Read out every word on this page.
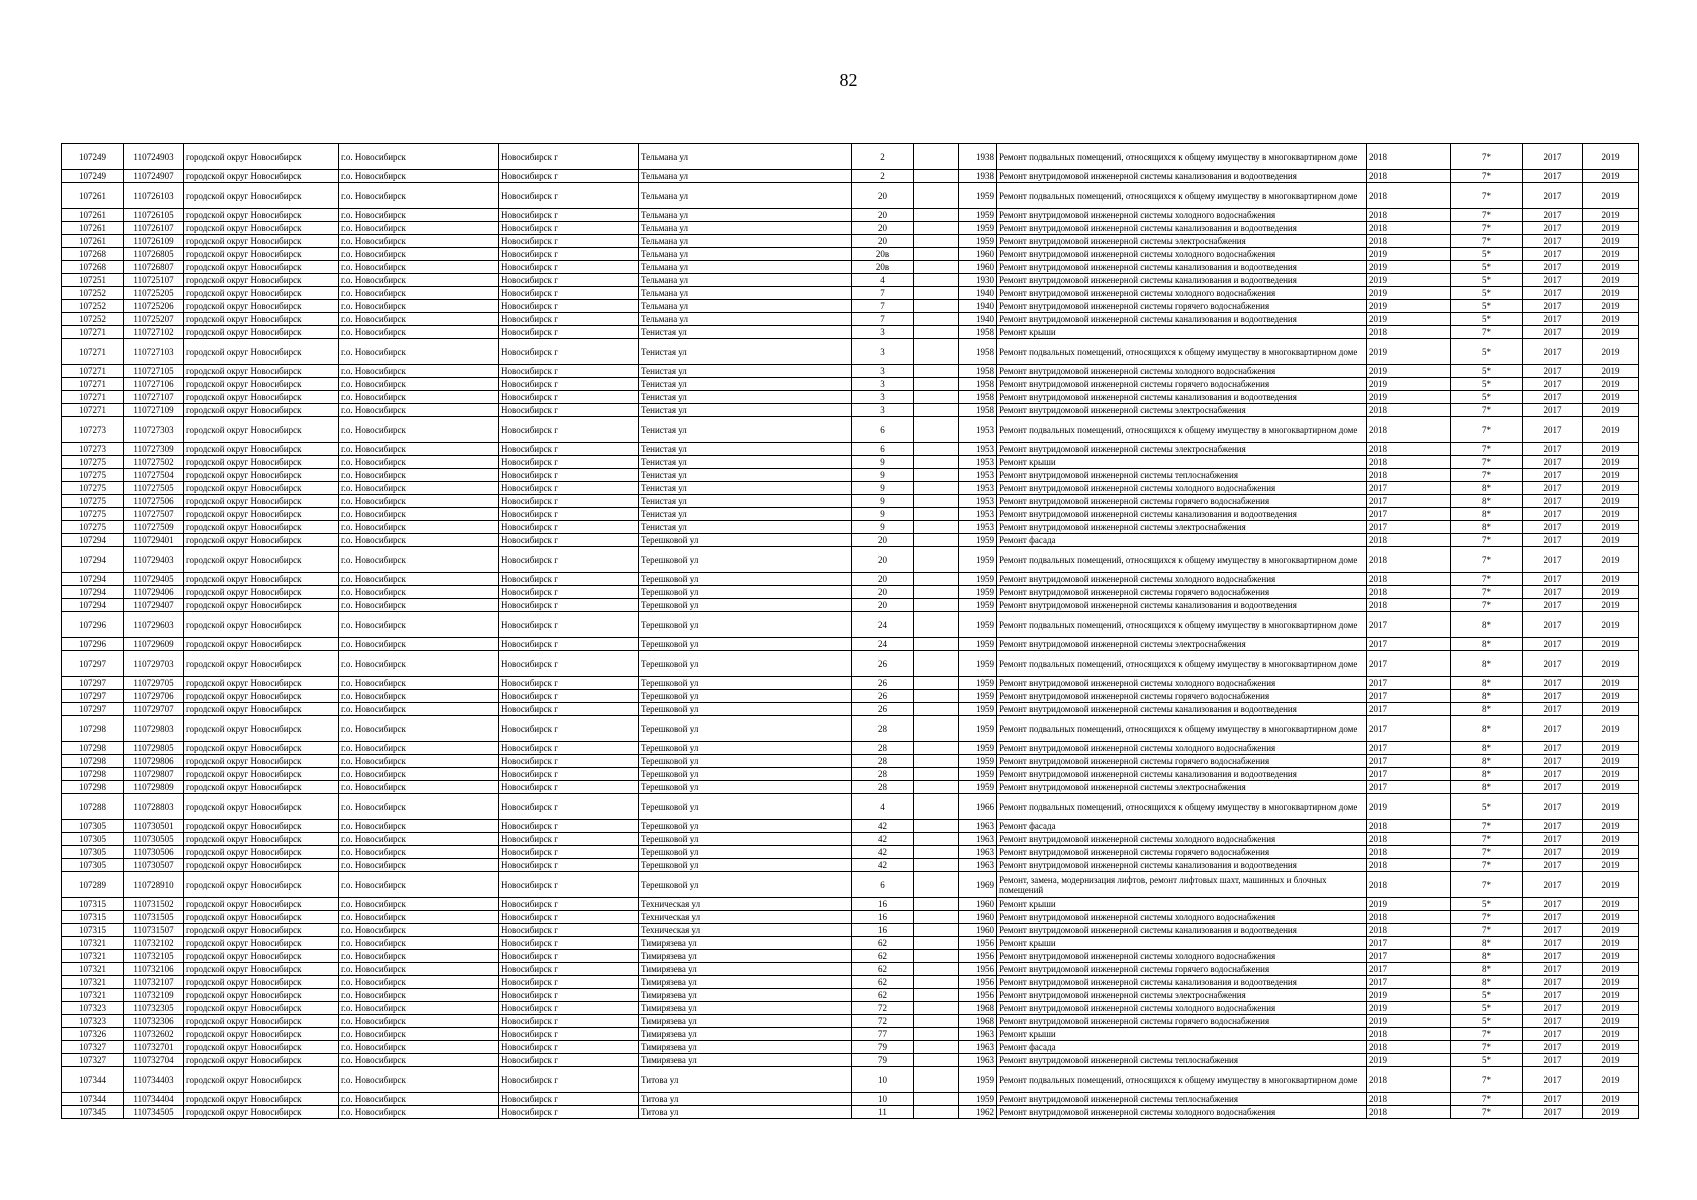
82
107249	110724903	городской округ Новосибирск	г.о. Новосибирск	Новосибирск г	Тельмана ул	2		1938	Ремонт подвальных помещений, относящихся к общему имуществу в многоквартирном доме	2018	7*	2017	2019
107249	110724907	городской округ Новосибирск	г.о. Новосибирск	Новосибирск г	Тельмана ул	2		1938	Ремонт внутридомовой инженерной системы канализования и водоотведения	2018	7*	2017	2019
107261	110726103	городской округ Новосибирск	г.о. Новосибирск	Новосибирск г	Тельмана ул	20		1959	Ремонт подвальных помещений, относящихся к общему имуществу в многоквартирном доме	2018	7*	2017	2019
107261	110726105	городской округ Новосибирск	г.о. Новосибирск	Новосибирск г	Тельмана ул	20		1959	Ремонт внутридомовой инженерной системы холодного водоснабжения	2018	7*	2017	2019
107261	110726107	городской округ Новосибирск	г.о. Новосибирск	Новосибирск г	Тельмана ул	20		1959	Ремонт внутридомовой инженерной системы канализования и водоотведения	2018	7*	2017	2019
107261	110726109	городской округ Новосибирск	г.о. Новосибирск	Новосибирск г	Тельмана ул	20		1959	Ремонт внутридомовой инженерной системы электроснабжения	2018	7*	2017	2019
107268	110726805	городской округ Новосибирск	г.о. Новосибирск	Новосибирск г	Тельмана ул	20в		1960	Ремонт внутридомовой инженерной системы холодного водоснабжения	2019	5*	2017	2019
107268	110726807	городской округ Новосибирск	г.о. Новосибирск	Новосибирск г	Тельмана ул	20в		1960	Ремонт внутридомовой инженерной системы канализования и водоотведения	2019	5*	2017	2019
107251	110725107	городской округ Новосибирск	г.о. Новосибирск	Новосибирск г	Тельмана ул	4		1930	Ремонт внутридомовой инженерной системы канализования и водоотведения	2019	5*	2017	2019
107252	110725205	городской округ Новосибирск	г.о. Новосибирск	Новосибирск г	Тельмана ул	7		1940	Ремонт внутридомовой инженерной системы холодного водоснабжения	2019	5*	2017	2019
107252	110725206	городской округ Новосибирск	г.о. Новосибирск	Новосибирск г	Тельмана ул	7		1940	Ремонт внутридомовой инженерной системы горячего водоснабжения	2019	5*	2017	2019
107252	110725207	городской округ Новосибирск	г.о. Новосибирск	Новосибирск г	Тельмана ул	7		1940	Ремонт внутридомовой инженерной системы канализования и водоотведения	2019	5*	2017	2019
107271	110727102	городской округ Новосибирск	г.о. Новосибирск	Новосибирск г	Тенистая ул	3		1958	Ремонт крыши	2018	7*	2017	2019
107271	110727103	городской округ Новосибирск	г.о. Новосибирск	Новосибирск г	Тенистая ул	3		1958	Ремонт подвальных помещений, относящихся к общему имуществу в многоквартирном доме	2019	5*	2017	2019
107271	110727105	городской округ Новосибирск	г.о. Новосибирск	Новосибирск г	Тенистая ул	3		1958	Ремонт внутридомовой инженерной системы холодного водоснабжения	2019	5*	2017	2019
107271	110727106	городской округ Новосибирск	г.о. Новосибирск	Новосибирск г	Тенистая ул	3		1958	Ремонт внутридомовой инженерной системы горячего водоснабжения	2019	5*	2017	2019
107271	110727107	городской округ Новосибирск	г.о. Новосибирск	Новосибирск г	Тенистая ул	3		1958	Ремонт внутридомовой инженерной системы канализования и водоотведения	2019	5*	2017	2019
107271	110727109	городской округ Новосибирск	г.о. Новосибирск	Новосибирск г	Тенистая ул	3		1958	Ремонт внутридомовой инженерной системы электроснабжения	2018	7*	2017	2019
107273	110727303	городской округ Новосибирск	г.о. Новосибирск	Новосибирск г	Тенистая ул	6		1953	Ремонт подвальных помещений, относящихся к общему имуществу в многоквартирном доме	2018	7*	2017	2019
107273	110727309	городской округ Новосибирск	г.о. Новосибирск	Новосибирск г	Тенистая ул	6		1953	Ремонт внутридомовой инженерной системы электроснабжения	2018	7*	2017	2019
107275	110727502	городской округ Новосибирск	г.о. Новосибирск	Новосибирск г	Тенистая ул	9		1953	Ремонт крыши	2018	7*	2017	2019
107275	110727504	городской округ Новосибирск	г.о. Новосибирск	Новосибирск г	Тенистая ул	9		1953	Ремонт внутридомовой инженерной системы теплоснабжения	2018	7*	2017	2019
107275	110727505	городской округ Новосибирск	г.о. Новосибирск	Новосибирск г	Тенистая ул	9		1953	Ремонт внутридомовой инженерной системы холодного водоснабжения	2017	8*	2017	2019
107275	110727506	городской округ Новосибирск	г.о. Новосибирск	Новосибирск г	Тенистая ул	9		1953	Ремонт внутридомовой инженерной системы горячего водоснабжения	2017	8*	2017	2019
107275	110727507	городской округ Новосибирск	г.о. Новосибирск	Новосибирск г	Тенистая ул	9		1953	Ремонт внутридомовой инженерной системы канализования и водоотведения	2017	8*	2017	2019
107275	110727509	городской округ Новосибирск	г.о. Новосибирск	Новосибирск г	Тенистая ул	9		1953	Ремонт внутридомовой инженерной системы электроснабжения	2017	8*	2017	2019
107294	110729401	городской округ Новосибирск	г.о. Новосибирск	Новосибирск г	Терешковой ул	20		1959	Ремонт фасада	2018	7*	2017	2019
107294	110729403	городской округ Новосибирск	г.о. Новосибирск	Новосибирск г	Терешковой ул	20		1959	Ремонт подвальных помещений, относящихся к общему имуществу в многоквартирном доме	2018	7*	2017	2019
107294	110729405	городской округ Новосибирск	г.о. Новосибирск	Новосибирск г	Терешковой ул	20		1959	Ремонт внутридомовой инженерной системы холодного водоснабжения	2018	7*	2017	2019
107294	110729406	городской округ Новосибирск	г.о. Новосибирск	Новосибирск г	Терешковой ул	20		1959	Ремонт внутридомовой инженерной системы горячего водоснабжения	2018	7*	2017	2019
107294	110729407	городской округ Новосибирск	г.о. Новосибирск	Новосибирск г	Терешковой ул	20		1959	Ремонт внутридомовой инженерной системы канализования и водоотведения	2018	7*	2017	2019
107296	110729603	городской округ Новосибирск	г.о. Новосибирск	Новосибирск г	Терешковой ул	24		1959	Ремонт подвальных помещений, относящихся к общему имуществу в многоквартирном доме	2017	8*	2017	2019
107296	110729609	городской округ Новосибирск	г.о. Новосибирск	Новосибирск г	Терешковой ул	24		1959	Ремонт внутридомовой инженерной системы электроснабжения	2017	8*	2017	2019
107297	110729703	городской округ Новосибирск	г.о. Новосибирск	Новосибирск г	Терешковой ул	26		1959	Ремонт подвальных помещений, относящихся к общему имуществу в многоквартирном доме	2017	8*	2017	2019
107297	110729705	городской округ Новосибирск	г.о. Новосибирск	Новосибирск г	Терешковой ул	26		1959	Ремонт внутридомовой инженерной системы холодного водоснабжения	2017	8*	2017	2019
107297	110729706	городской округ Новосибирск	г.о. Новосибирск	Новосибирск г	Терешковой ул	26		1959	Ремонт внутридомовой инженерной системы горячего водоснабжения	2017	8*	2017	2019
107297	110729707	городской округ Новосибирск	г.о. Новосибирск	Новосибирск г	Терешковой ул	26		1959	Ремонт внутридомовой инженерной системы канализования и водоотведения	2017	8*	2017	2019
107298	110729803	городской округ Новосибирск	г.о. Новосибирск	Новосибирск г	Терешковой ул	28		1959	Ремонт подвальных помещений, относящихся к общему имуществу в многоквартирном доме	2017	8*	2017	2019
107298	110729805	городской округ Новосибирск	г.о. Новосибирск	Новосибирск г	Терешковой ул	28		1959	Ремонт внутридомовой инженерной системы холодного водоснабжения	2017	8*	2017	2019
107298	110729806	городской округ Новосибирск	г.о. Новосибирск	Новосибирск г	Терешковой ул	28		1959	Ремонт внутридомовой инженерной системы горячего водоснабжения	2017	8*	2017	2019
107298	110729807	городской округ Новосибирск	г.о. Новосибирск	Новосибирск г	Терешковой ул	28		1959	Ремонт внутридомовой инженерной системы канализования и водоотведения	2017	8*	2017	2019
107298	110729809	городской округ Новосибирск	г.о. Новосибирск	Новосибирск г	Терешковой ул	28		1959	Ремонт внутридомовой инженерной системы электроснабжения	2017	8*	2017	2019
107288	110728803	городской округ Новосибирск	г.о. Новосибирск	Новосибирск г	Терешковой ул	4		1966	Ремонт подвальных помещений, относящихся к общему имуществу в многоквартирном доме	2019	5*	2017	2019
107305	110730501	городской округ Новосибирск	г.о. Новосибирск	Новосибирск г	Терешковой ул	42		1963	Ремонт фасада	2018	7*	2017	2019
107305	110730505	городской округ Новосибирск	г.о. Новосибирск	Новосибирск г	Терешковой ул	42		1963	Ремонт внутридомовой инженерной системы холодного водоснабжения	2018	7*	2017	2019
107305	110730506	городской округ Новосибирск	г.о. Новосибирск	Новосибирск г	Терешковой ул	42		1963	Ремонт внутридомовой инженерной системы горячего водоснабжения	2018	7*	2017	2019
107305	110730507	городской округ Новосибирск	г.о. Новосибирск	Новосибирск г	Терешковой ул	42		1963	Ремонт внутридомовой инженерной системы канализования и водоотведения	2018	7*	2017	2019
107289	110728910	городской округ Новосибирск	г.о. Новосибирск	Новосибирск г	Терешковой ул	6		1969	Ремонт, замена, модернизация лифтов, ремонт лифтовых шахт, машинных и блочных помещений	2018	7*	2017	2019
107315	110731502	городской округ Новосибирск	г.о. Новосибирск	Новосибирск г	Техническая ул	16		1960	Ремонт крыши	2019	5*	2017	2019
107315	110731505	городской округ Новосибирск	г.о. Новосибирск	Новосибирск г	Техническая ул	16		1960	Ремонт внутридомовой инженерной системы холодного водоснабжения	2018	7*	2017	2019
107315	110731507	городской округ Новосибирск	г.о. Новосибирск	Новосибирск г	Техническая ул	16		1960	Ремонт внутридомовой инженерной системы канализования и водоотведения	2018	7*	2017	2019
107321	110732102	городской округ Новосибирск	г.о. Новосибирск	Новосибирск г	Тимирязева ул	62		1956	Ремонт крыши	2017	8*	2017	2019
107321	110732105	городской округ Новосибирск	г.о. Новосибирск	Новосибирск г	Тимирязева ул	62		1956	Ремонт внутридомовой инженерной системы холодного водоснабжения	2017	8*	2017	2019
107321	110732106	городской округ Новосибирск	г.о. Новосибирск	Новосибирск г	Тимирязева ул	62		1956	Ремонт внутридомовой инженерной системы горячего водоснабжения	2017	8*	2017	2019
107321	110732107	городской округ Новосибирск	г.о. Новосибирск	Новосибирск г	Тимирязева ул	62		1956	Ремонт внутридомовой инженерной системы канализования и водоотведения	2017	8*	2017	2019
107321	110732109	городской округ Новосибирск	г.о. Новосибирск	Новосибирск г	Тимирязева ул	62		1956	Ремонт внутридомовой инженерной системы электроснабжения	2019	5*	2017	2019
107323	110732305	городской округ Новосибирск	г.о. Новосибирск	Новосибирск г	Тимирязева ул	72		1968	Ремонт внутридомовой инженерной системы холодного водоснабжения	2019	5*	2017	2019
107323	110732306	городской округ Новосибирск	г.о. Новосибирск	Новосибирск г	Тимирязева ул	72		1968	Ремонт внутридомовой инженерной системы горячего водоснабжения	2019	5*	2017	2019
107326	110732602	городской округ Новосибирск	г.о. Новосибирск	Новосибирск г	Тимирязева ул	77		1963	Ремонт крыши	2018	7*	2017	2019
107327	110732701	городской округ Новосибирск	г.о. Новосибирск	Новосибирск г	Тимирязева ул	79		1963	Ремонт фасада	2018	7*	2017	2019
107327	110732704	городской округ Новосибирск	г.о. Новосибирск	Новосибирск г	Тимирязева ул	79		1963	Ремонт внутридомовой инженерной системы теплоснабжения	2019	5*	2017	2019
107344	110734403	городской округ Новосибирск	г.о. Новосибирск	Новосибирск г	Титова ул	10		1959	Ремонт подвальных помещений, относящихся к общему имуществу в многоквартирном доме	2018	7*	2017	2019
107344	110734404	городской округ Новосибирск	г.о. Новосибирск	Новосибирск г	Титова ул	10		1959	Ремонт внутридомовой инженерной системы теплоснабжения	2018	7*	2017	2019
107345	110734505	городской округ Новосибирск	г.о. Новосибирск	Новосибирск г	Титова ул	11		1962	Ремонт внутридомовой инженерной системы холодного водоснабжения	2018	7*	2017	2019
